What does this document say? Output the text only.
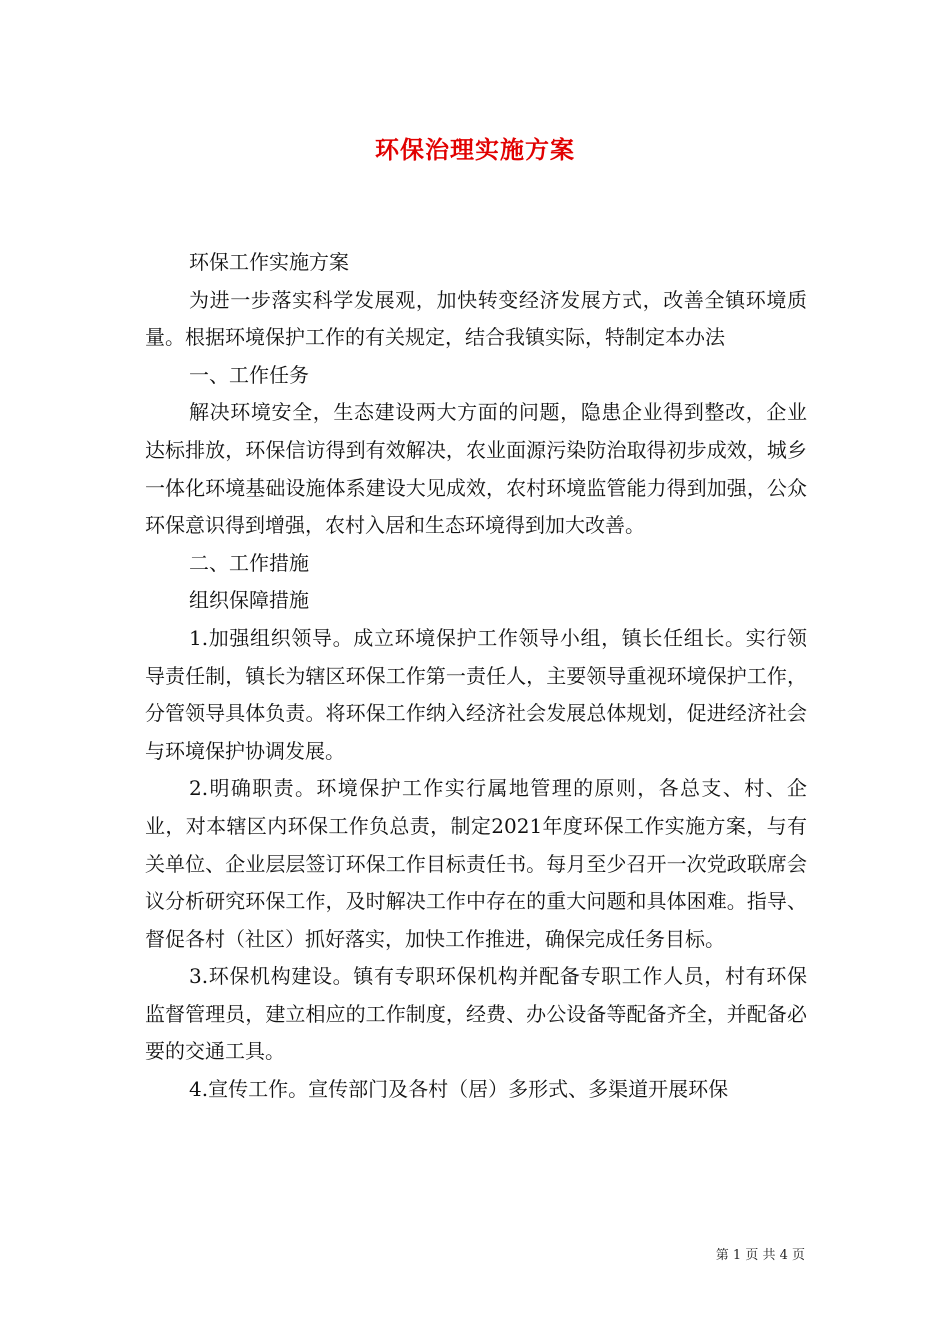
环保治理实施方案

环保工作实施方案

为进一步落实科学发展观，加快转变经济发展方式，改善全镇环境质量。根据环境保护工作的有关规定，结合我镇实际，特制定本办法

一、工作任务

解决环境安全，生态建设两大方面的问题，隐患企业得到整改，企业达标排放，环保信访得到有效解决，农业面源污染防治取得初步成效，城乡一体化环境基础设施体系建设大见成效，农村环境监管能力得到加强，公众环保意识得到增强，农村入居和生态环境得到加大改善。

二、工作措施

组织保障措施

1.加强组织领导。成立环境保护工作领导小组，镇长任组长。实行领导责任制，镇长为辖区环保工作第一责任人，主要领导重视环境保护工作，分管领导具体负责。将环保工作纳入经济社会发展总体规划，促进经济社会与环境保护协调发展。

2.明确职责。环境保护工作实行属地管理的原则，各总支、村、企业，对本辖区内环保工作负总责，制定2021年度环保工作实施方案，与有关单位、企业层层签订环保工作目标责任书。每月至少召开一次党政联席会议分析研究环保工作，及时解决工作中存在的重大问题和具体困难。指导、督促各村（社区）抓好落实，加快工作推进，确保完成任务目标。

3.环保机构建设。镇有专职环保机构并配备专职工作人员，村有环保监督管理员，建立相应的工作制度，经费、办公设备等配备齐全，并配备必要的交通工具。

4.宣传工作。宣传部门及各村（居）多形式、多渠道开展环保

第 1 页 共 4 页
